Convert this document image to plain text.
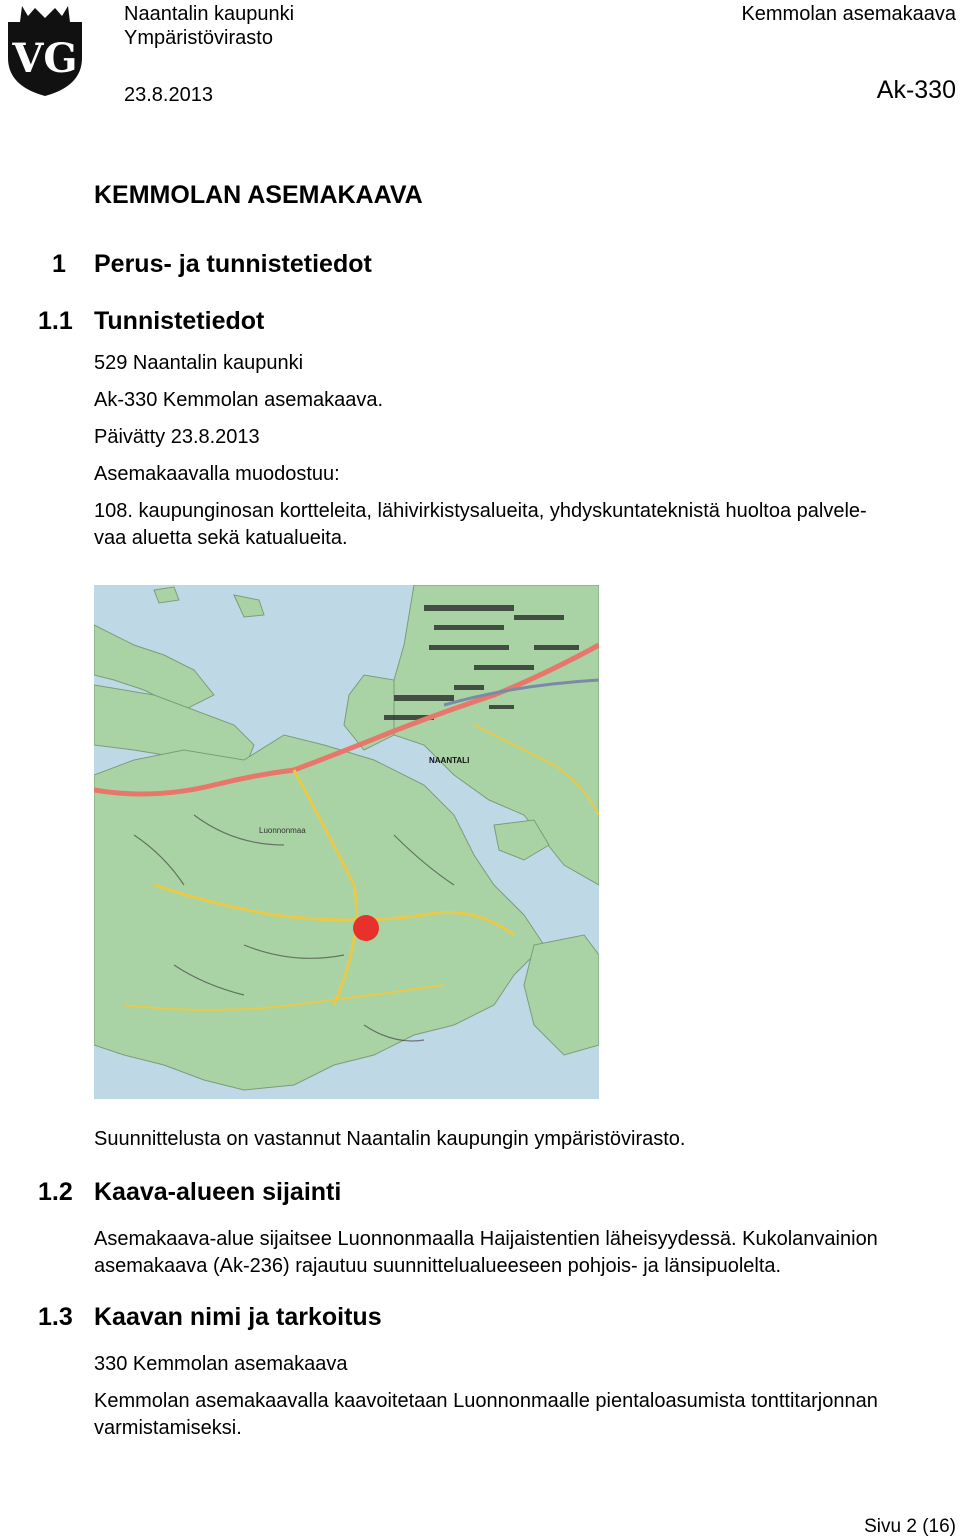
VG
Naantalin kaupunki
Ympäristövirasto
23.8.2013
Kemmolan asemakaava
Ak-330
KEMMOLAN ASEMAKAAVA
1 Perus- ja tunnistetiedot
1.1 Tunnistetiedot
529 Naantalin kaupunki
Ak-330 Kemmolan asemakaava.
Päivätty 23.8.2013
Asemakaavalla muodostuu:
108. kaupunginosan kortteleita, lähivirkistysalueita, yhdyskuntateknistä huoltoa palvele-
vaa aluetta sekä katualueita.
NAANTALI
Luonnonmaa
Suunnittelusta on vastannut Naantalin kaupungin ympäristövirasto.
1.2 Kaava-alueen sijainti
Asemakaava-alue sijaitsee Luonnonmaalla Haijaistentien läheisyydessä. Kukolanvainion
asemakaava (Ak-236) rajautuu suunnittelualueeseen pohjois- ja länsipuolelta.
1.3 Kaavan nimi ja tarkoitus
330 Kemmolan asemakaava
Kemmolan asemakaavalla kaavoitetaan Luonnonmaalle pientaloasumista tonttitarjonnan
varmistamiseksi.
Sivu 2 (16)
